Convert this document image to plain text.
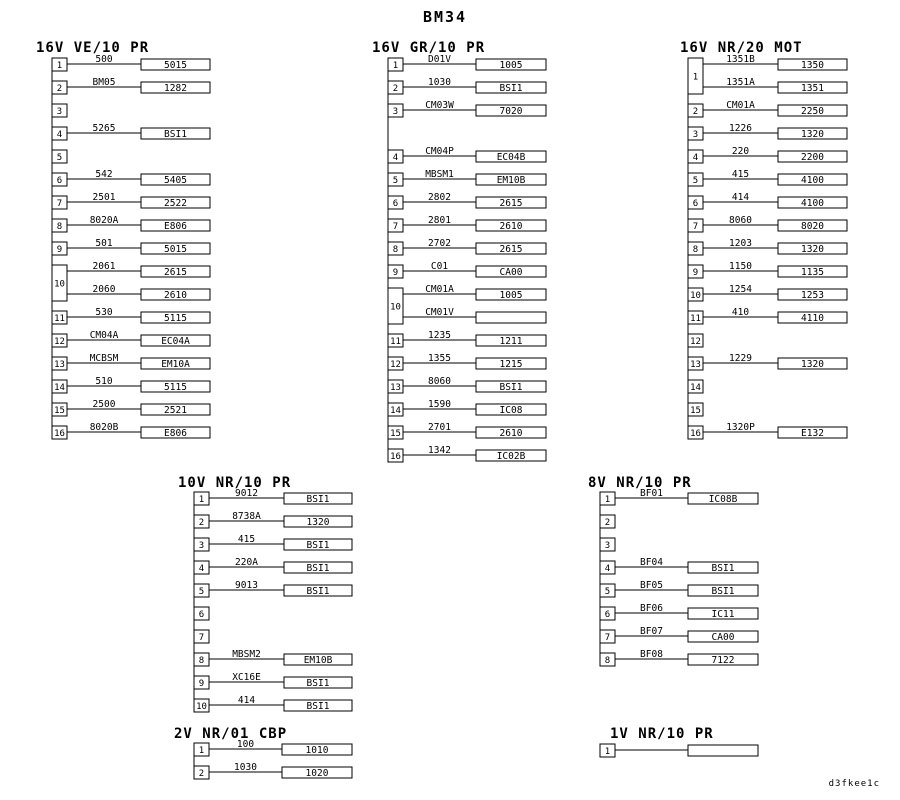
BM34
d3fkee1c
16V VE/10 PR
1
500
5015
2
BM05
1282
3
4
5265
BSI1
5
6
542
5405
7
2501
2522
8
8020A
E806
9
501
5015
10
2061
2615
2060
2610
11
530
5115
12
CM04A
EC04A
13
MCBSM
EM10A
14
510
5115
15
2500
2521
16
8020B
E806
16V GR/10 PR
1
D01V
1005
2
1030
BSI1
3
CM03W
7020
4
CM04P
EC04B
5
MBSM1
EM10B
6
2802
2615
7
2801
2610
8
2702
2615
9
C01
CA00
10
CM01A
1005
CM01V
11
1235
1211
12
1355
1215
13
8060
BSI1
14
1590
IC08
15
2701
2610
16
1342
IC02B
16V NR/20 MOT
1
1351B
1350
1351A
1351
2
CM01A
2250
3
1226
1320
4
220
2200
5
415
4100
6
414
4100
7
8060
8020
8
1203
1320
9
1150
1135
10
1254
1253
11
410
4110
12
13
1229
1320
14
15
16
1320P
E132
10V NR/10 PR
1
9012
BSI1
2
8738A
1320
3
415
BSI1
4
220A
BSI1
5
9013
BSI1
6
7
8
MBSM2
EM10B
9
XC16E
BSI1
10
414
BSI1
8V NR/10 PR
1
BF01
IC08B
2
3
4
BF04
BSI1
5
BF05
BSI1
6
BF06
IC11
7
BF07
CA00
8
BF08
7122
2V NR/01 CBP
1
100
1010
2
1030
1020
1V NR/10 PR
1
